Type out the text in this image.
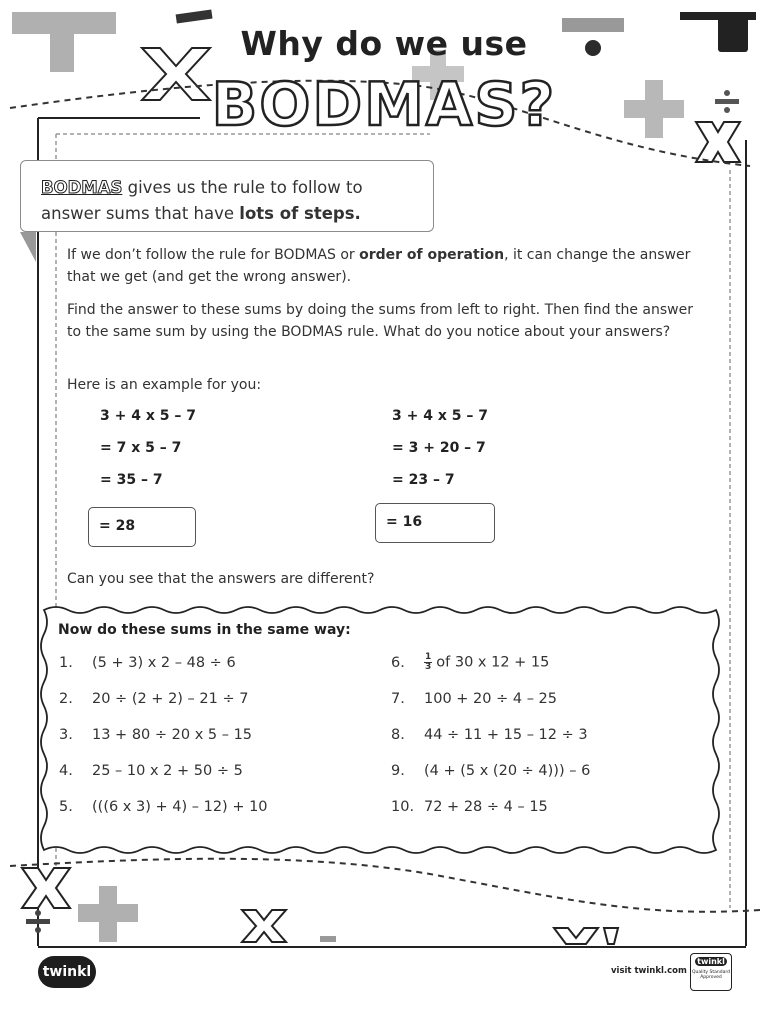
Why do we use
BODMAS?
BODMAS gives us the rule to follow to
answer sums that have lots of steps.
If we don’t follow the rule for BODMAS or order of operation, it can change the answer that we get (and get the wrong answer).
Find the answer to these sums by doing the sums from left to right. Then find the answer to the same sum by using the BODMAS rule. What do you notice about your answers?
Here is an example for you:
3 + 4 x 5 – 7
= 7 x 5 – 7
= 35 – 7
= 28
3 + 4 x 5 – 7
= 3 + 20 – 7
= 23 – 7
= 16
Can you see that the answers are different?
Now do these sums in the same way:
1. (5 + 3) x 2 – 48 ÷ 6
2. 20 ÷ (2 + 2) – 21 ÷ 7
3. 13 + 80 ÷ 20 x 5 – 15
4. 25 – 10 x 2 + 50 ÷ 5
5. (((6 x 3) + 4) – 12) + 10
6. $\frac{1}{3}$ of 30 x 12 + 15
7. 100 + 20 ÷ 4 – 25
8. 44 ÷ 11 + 15 – 12 ÷ 3
9. (4 + (5 x (20 ÷ 4))) – 6
10. 72 + 28 ÷ 4 – 15
twinkl	visit twinkl.com
twinkl
Quality Standard Approved
